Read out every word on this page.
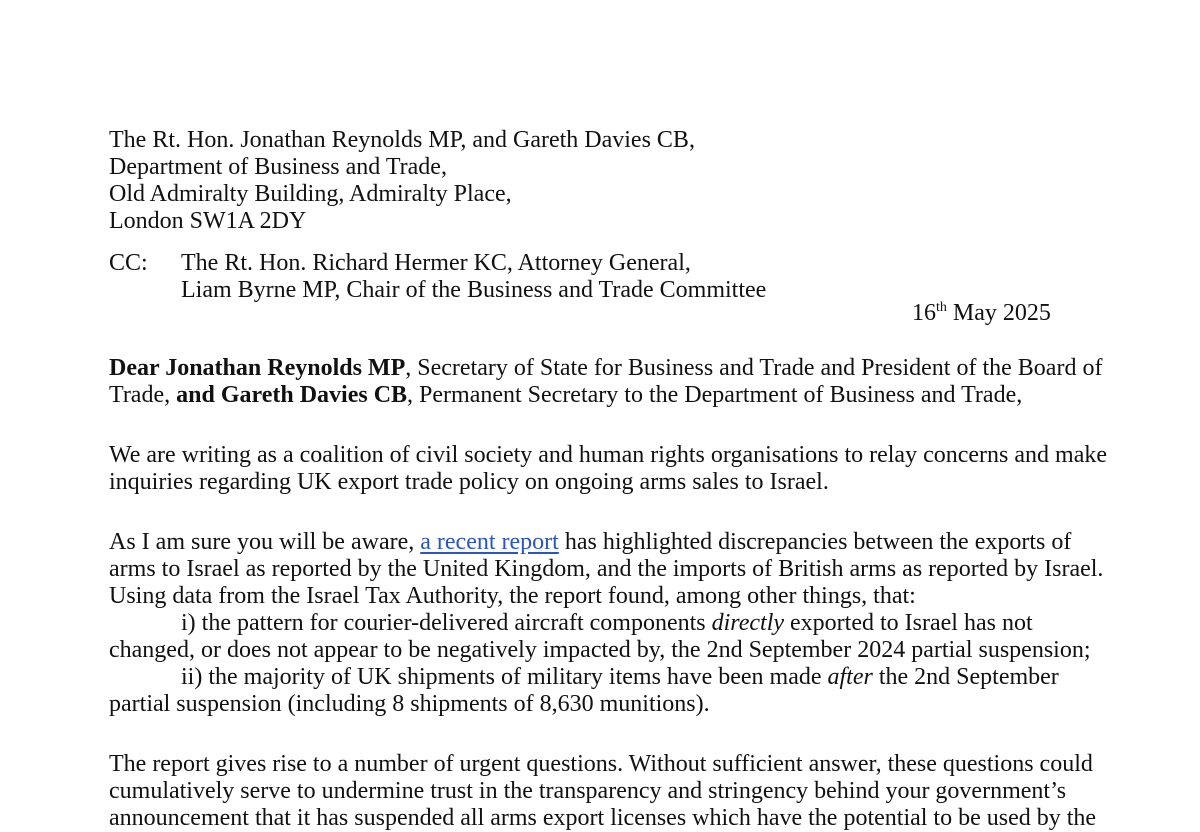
The Rt. Hon. Jonathan Reynolds MP, and Gareth Davies CB,
Department of Business and Trade,
Old Admiralty Building, Admiralty Place,
London SW1A 2DY
CC: The Rt. Hon. Richard Hermer KC, Attorney General,
Liam Byrne MP, Chair of the Business and Trade Committee
16th May 2025
Dear Jonathan Reynolds MP, Secretary of State for Business and Trade and President of the Board of
Trade, and Gareth Davies CB, Permanent Secretary to the Department of Business and Trade,
We are writing as a coalition of civil society and human rights organisations to relay concerns and make
inquiries regarding UK export trade policy on ongoing arms sales to Israel.
As I am sure you will be aware, a recent report has highlighted discrepancies between the exports of
arms to Israel as reported by the United Kingdom, and the imports of British arms as reported by Israel.
Using data from the Israel Tax Authority, the report found, among other things, that:
i) the pattern for courier-delivered aircraft components directly exported to Israel has not
changed, or does not appear to be negatively impacted by, the 2nd September 2024 partial suspension;
ii) the majority of UK shipments of military items have been made after the 2nd September
partial suspension (including 8 shipments of 8,630 munitions).
The report gives rise to a number of urgent questions. Without sufficient answer, these questions could
cumulatively serve to undermine trust in the transparency and stringency behind your government’s
announcement that it has suspended all arms export licenses which have the potential to be used by the
